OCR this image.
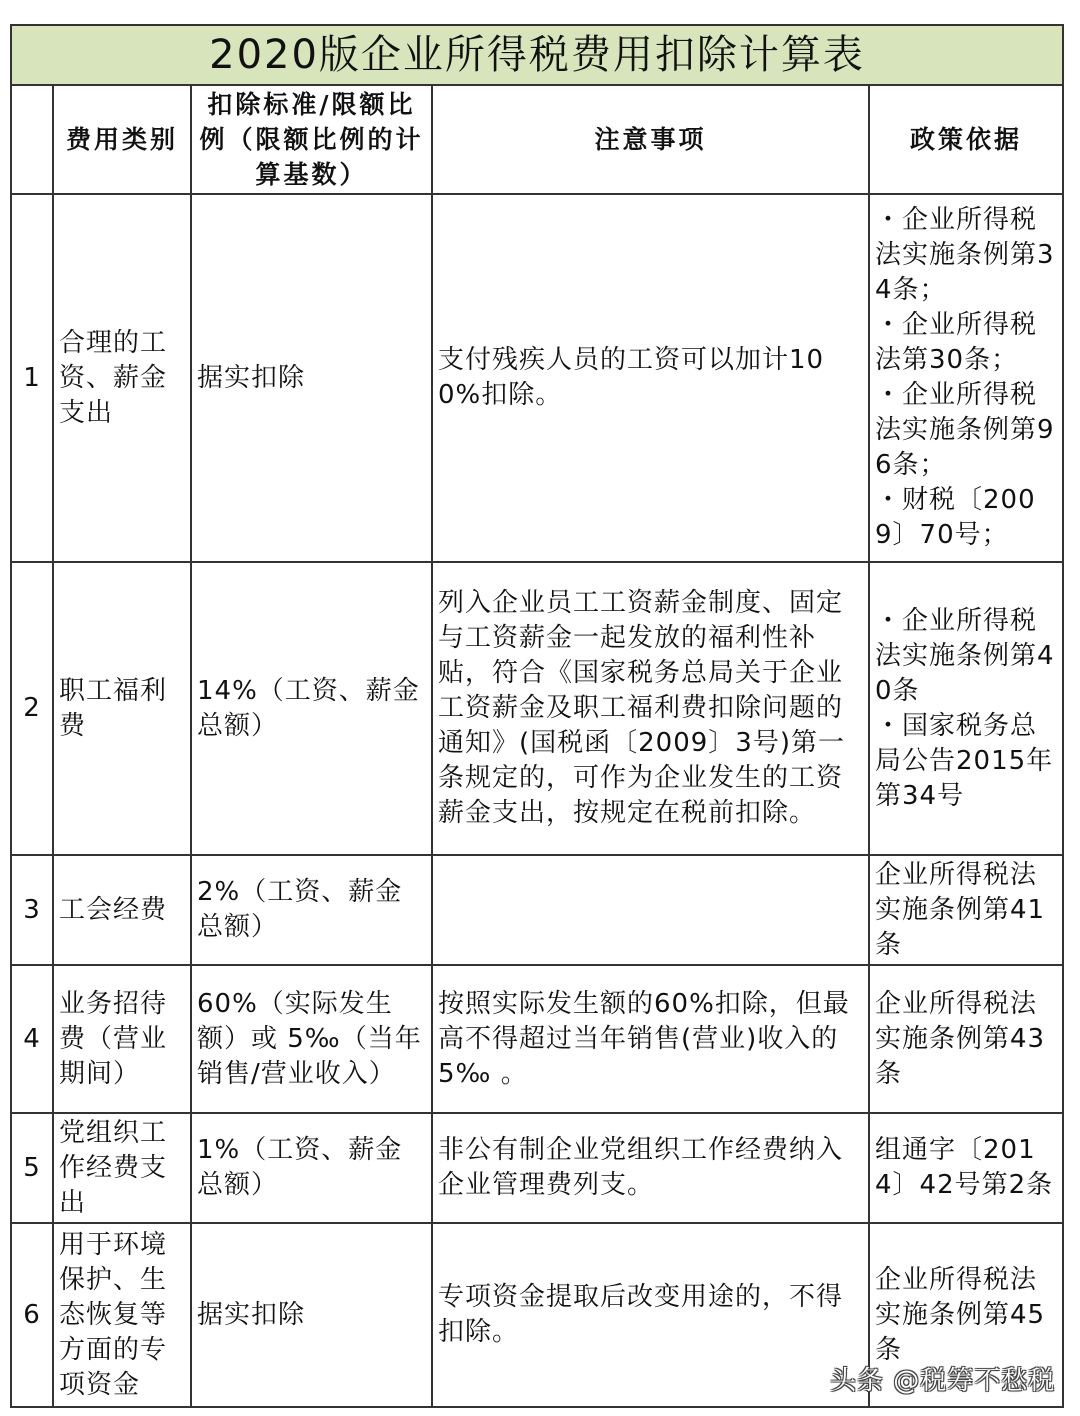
2020版企业所得税费用扣除计算表				
	费用类别	扣除标准/限额比例（限额比例的计算基数）	注意事项	政策依据
1	合理的工资、薪金支出	据实扣除	支付残疾人员的工资可以加计100%扣除。	・企业所得税法实施条例第34条；
・企业所得税法第30条；
・企业所得税法实施条例第96条；
・财税〔2009〕70号；

2	职工福利费	14%（工资、薪金总额）	列入企业员工工资薪金制度、固定与工资薪金一起发放的福利性补贴，符合《国家税务总局关于企业工资薪金及职工福利费扣除问题的通知》(国税函〔2009〕3号)第一条规定的，可作为企业发生的工资薪金支出，按规定在税前扣除。	・企业所得税法实施条例第40条
・国家税务总局公告2015年第34号

3	工会经费	2%（工资、薪金总额）		企业所得税法实施条例第41条

4	业务招待费（营业期间）	60%（实际发生额）或 5‰（当年销售/营业收入）	按照实际发生额的60%扣除，但最高不得超过当年销售(营业)收入的5‰ 。	企业所得税法实施条例第43条

5	党组织工作经费支出	1%（工资、薪金总额）	非公有制企业党组织工作经费纳入企业管理费列支。	组通字〔2014〕42号第2条

6	用于环境保护、生态恢复等方面的专项资金	据实扣除	专项资金提取后改变用途的，不得扣除。	企业所得税法实施条例第45条
头条 @税筹不愁税
